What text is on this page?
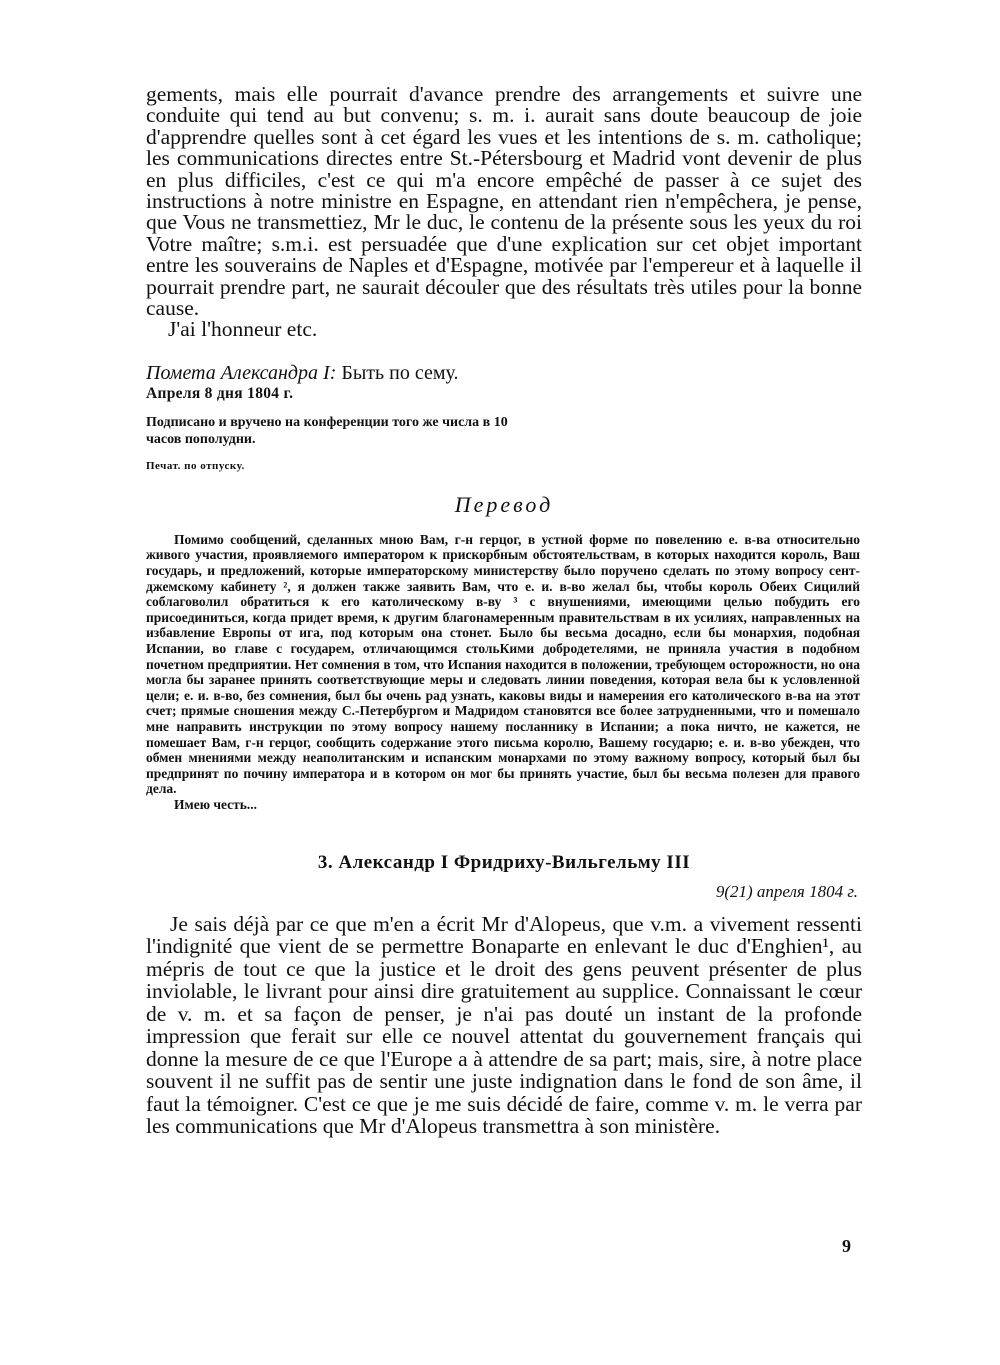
gements, mais elle pourrait d'avance prendre des arrangements et suivre une conduite qui tend au but convenu; s. m. i. aurait sans doute beaucoup de joie d'apprendre quelles sont à cet égard les vues et les intentions de s. m. catholique; les communications directes entre St.-Pétersbourg et Madrid vont devenir de plus en plus difficiles, c'est ce qui m'a encore empêché de passer à ce sujet des instructions à notre ministre en Espagne, en attendant rien n'empêchera, je pense, que Vous ne transmettiez, Mr le duc, le contenu de la présente sous les yeux du roi Votre maître; s.m.i. est persuadée que d'une explication sur cet objet important entre les souverains de Naples et d'Espagne, motivée par l'empereur et à laquelle il pourrait prendre part, ne saurait découler que des résultats très utiles pour la bonne cause.

J'ai l'honneur etc.

Помета Александра I: Быть по сему.
Апреля 8 дня 1804 г.
Подписано и вручено на конференции того же числа в 10 часов пополудни.
Печат. по отпуску.
Перевод

Помимо сообщений, сделанных мною Вам, г-н герцог, в устной форме по повелению е. в-ва относительно живого участия, проявляемого императором к прискорбным обстоятельствам, в которых находится король, Ваш государь, и предложений, которые императорскому министерству было поручено сделать по этому вопросу сент-джемскому кабинету ², я должен также заявить Вам, что е. и. в-во желал бы, чтобы король Обеих Сицилий соблаговолил обратиться к его католическому в-ву ³ с внушениями, имеющими целью побудить его присоединиться, когда придет время, к другим благонамеренным правительствам в их усилиях, направленных на избавление Европы от ига, под которым она стонет. Было бы весьма досадно, если бы монархия, подобная Испании, во главе с государем, отличающимся стольКими добродетелями, не приняла участия в подобном почетном предприятии. Нет сомнения в том, что Испания находится в положении, требующем осторожности, но она могла бы заранее принять соответствующие меры и следовать линии поведения, которая вела бы к условленной цели; е. и. в-во, без сомнения, был бы очень рад узнать, каковы виды и намерения его католического в-ва на этот счет; прямые сношения между С.-Петербургом и Мадридом становятся все более затрудненными, что и помешало мне направить инструкции по этому вопросу нашему посланнику в Испании; а пока ничто, не кажется, не помешает Вам, г-н герцог, сообщить содержание этого письма королю, Вашему государю; е. и. в-во убежден, что обмен мнениями между неаполитанским и испанским монархами по этому важному вопросу, который был бы предпринят по почину императора и в котором он мог бы принять участие, был бы весьма полезен для правого дела.

Имею честь...

3. Александр I Фридриху-Вильгельму III
9(21) апреля 1804 г.

Je sais déjà par ce que m'en a écrit Mr d'Alopeus, que v.m. a vivement ressenti l'indignité que vient de se permettre Bonaparte en enlevant le duc d'Enghien¹, au mépris de tout ce que la justice et le droit des gens peuvent présenter de plus inviolable, le livrant pour ainsi dire gratuitement au supplice. Connaissant le cœur de v. m. et sa façon de penser, je n'ai pas douté un instant de la profonde impression que ferait sur elle ce nouvel attentat du gouvernement français qui donne la mesure de ce que l'Europe a à attendre de sa part; mais, sire, à notre place souvent il ne suffit pas de sentir une juste indignation dans le fond de son âme, il faut la témoigner. C'est ce que je me suis décidé de faire, comme v. m. le verra par les communications que Mr d'Alopeus transmettra à son ministère.

9
